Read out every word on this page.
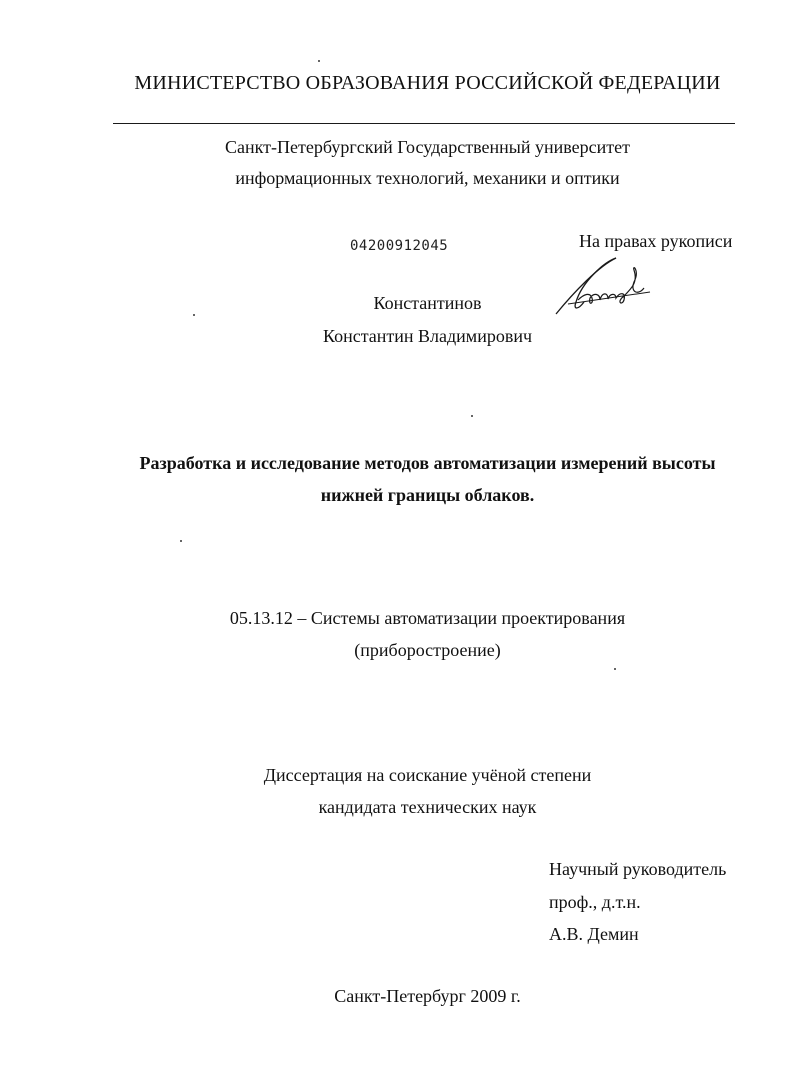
МИНИСТЕРСТВО ОБРАЗОВАНИЯ РОССИЙСКОЙ ФЕДЕРАЦИИ
Санкт-Петербургский Государственный университет
информационных технологий, механики и оптики
04200912045	На правах рукописи
Константинов
Константин Владимирович
Разработка и исследование методов автоматизации измерений высоты
нижней границы облаков.
05.13.12 – Системы автоматизации проектирования
(приборостроение)
Диссертация на соискание учёной степени
кандидата технических наук
Научный руководитель
проф., д.т.н.
А.В. Демин
Санкт-Петербург 2009 г.
